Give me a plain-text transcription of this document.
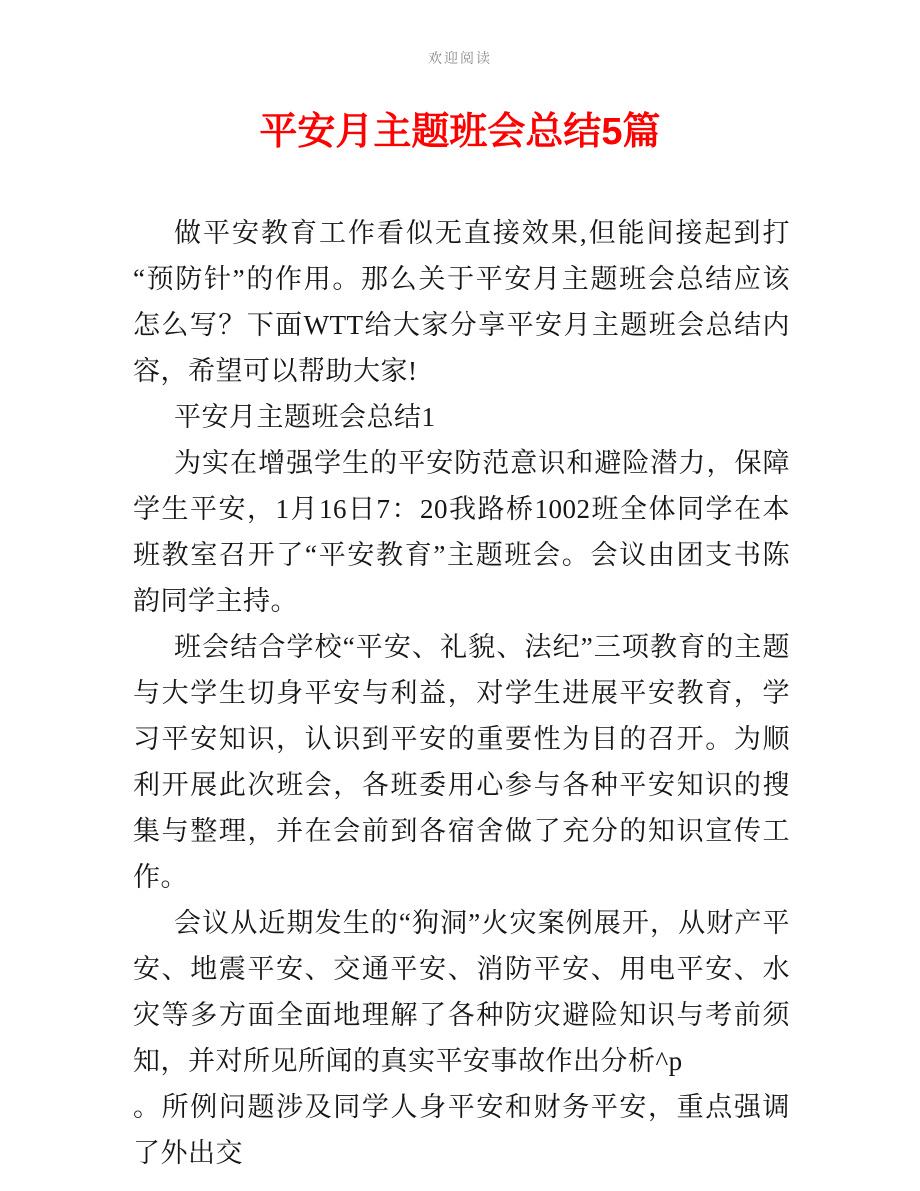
欢迎阅读
平安月主题班会总结5篇

做平安教育工作看似无直接效果,但能间接起到打“预防针”的作用。那么关于平安月主题班会总结应该怎么写？下面WTT给大家分享平安月主题班会总结内容，希望可以帮助大家!

平安月主题班会总结1

为实在增强学生的平安防范意识和避险潜力，保障学生平安，1月16日7：20我路桥1002班全体同学在本班教室召开了“平安教育”主题班会。会议由团支书陈韵同学主持。

班会结合学校“平安、礼貌、法纪”三项教育的主题与大学生切身平安与利益，对学生进展平安教育，学习平安知识，认识到平安的重要性为目的召开。为顺利开展此次班会，各班委用心参与各种平安知识的搜集与整理，并在会前到各宿舍做了充分的知识宣传工作。

会议从近期发生的“狗洞”火灾案例展开，从财产平安、地震平安、交通平安、消防平安、用电平安、水灾等多方面全面地理解了各种防灾避险知识与考前须知，并对所见所闻的真实平安事故作出分析^p

。所例问题涉及同学人身平安和财务平安，重点强调了外出交
